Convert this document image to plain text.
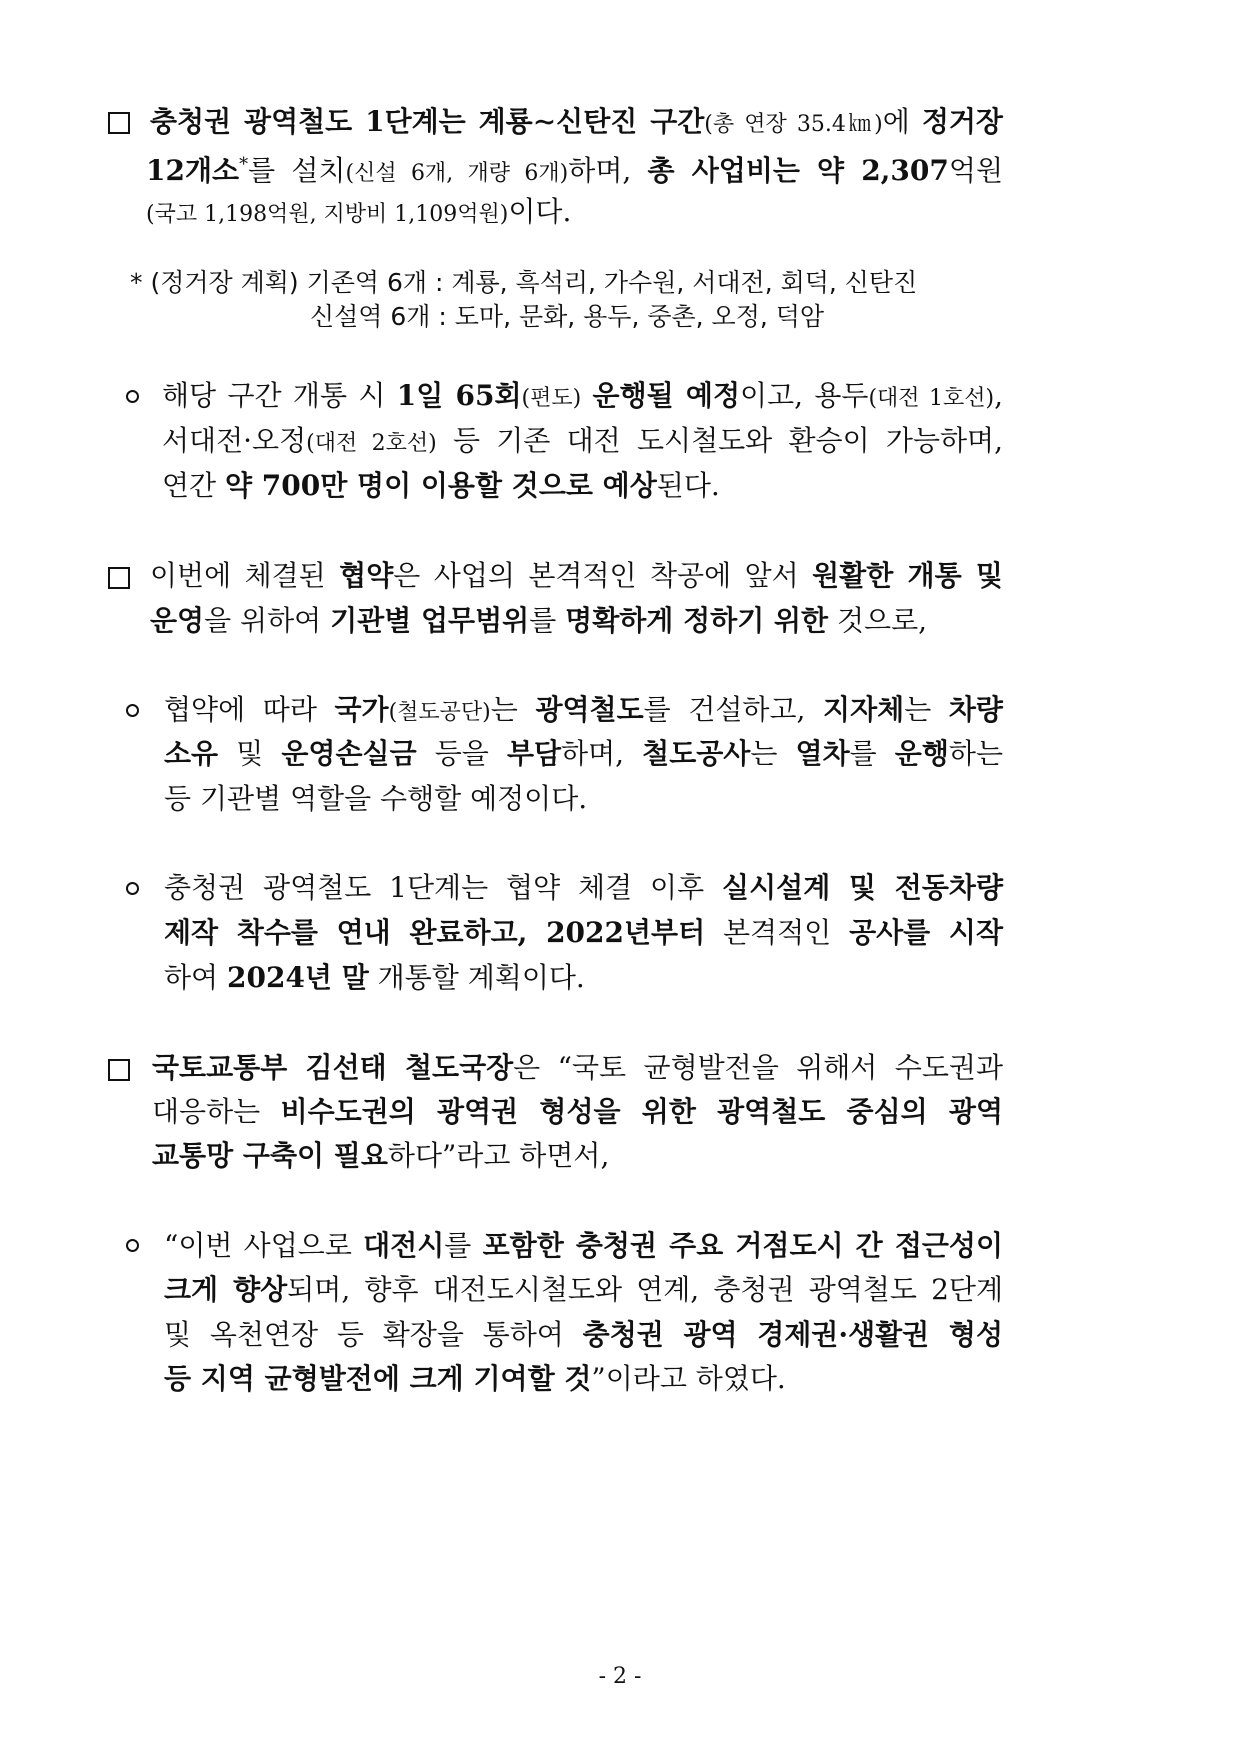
충청권 광역철도 1단계는 계룡∼신탄진 구간(총 연장 35.4㎞)에 정거장
12개소*를 설치(신설 6개, 개량 6개)하며, 총 사업비는 약 2,307억원
(국고 1,198억원, 지방비 1,109억원)이다.
* (정거장 계획) 기존역 6개 : 계룡, 흑석리, 가수원, 서대전, 회덕, 신탄진
신설역 6개 : 도마, 문화, 용두, 중촌, 오정, 덕암
해당 구간 개통 시 1일 65회(편도) 운행될 예정이고, 용두(대전 1호선),
서대전·오정(대전 2호선) 등 기존 대전 도시철도와 환승이 가능하며,
연간 약 700만 명이 이용할 것으로 예상된다.
이번에 체결된 협약은 사업의 본격적인 착공에 앞서 원활한 개통 및
운영을 위하여 기관별 업무범위를 명확하게 정하기 위한 것으로,
협약에 따라 국가(철도공단)는 광역철도를 건설하고, 지자체는 차량
소유 및 운영손실금 등을 부담하며, 철도공사는 열차를 운행하는
등 기관별 역할을 수행할 예정이다.
충청권 광역철도 1단계는 협약 체결 이후 실시설계 및 전동차량
제작 착수를 연내 완료하고, 2022년부터 본격적인 공사를 시작
하여 2024년 말 개통할 계획이다.
국토교통부 김선태 철도국장은 “국토 균형발전을 위해서 수도권과
대응하는 비수도권의 광역권 형성을 위한 광역철도 중심의 광역
교통망 구축이 필요하다”라고 하면서,
“이번 사업으로 대전시를 포함한 충청권 주요 거점도시 간 접근성이
크게 향상되며, 향후 대전도시철도와 연계, 충청권 광역철도 2단계
및 옥천연장 등 확장을 통하여 충청권 광역 경제권·생활권 형성
등 지역 균형발전에 크게 기여할 것”이라고 하였다.
- 2 -
